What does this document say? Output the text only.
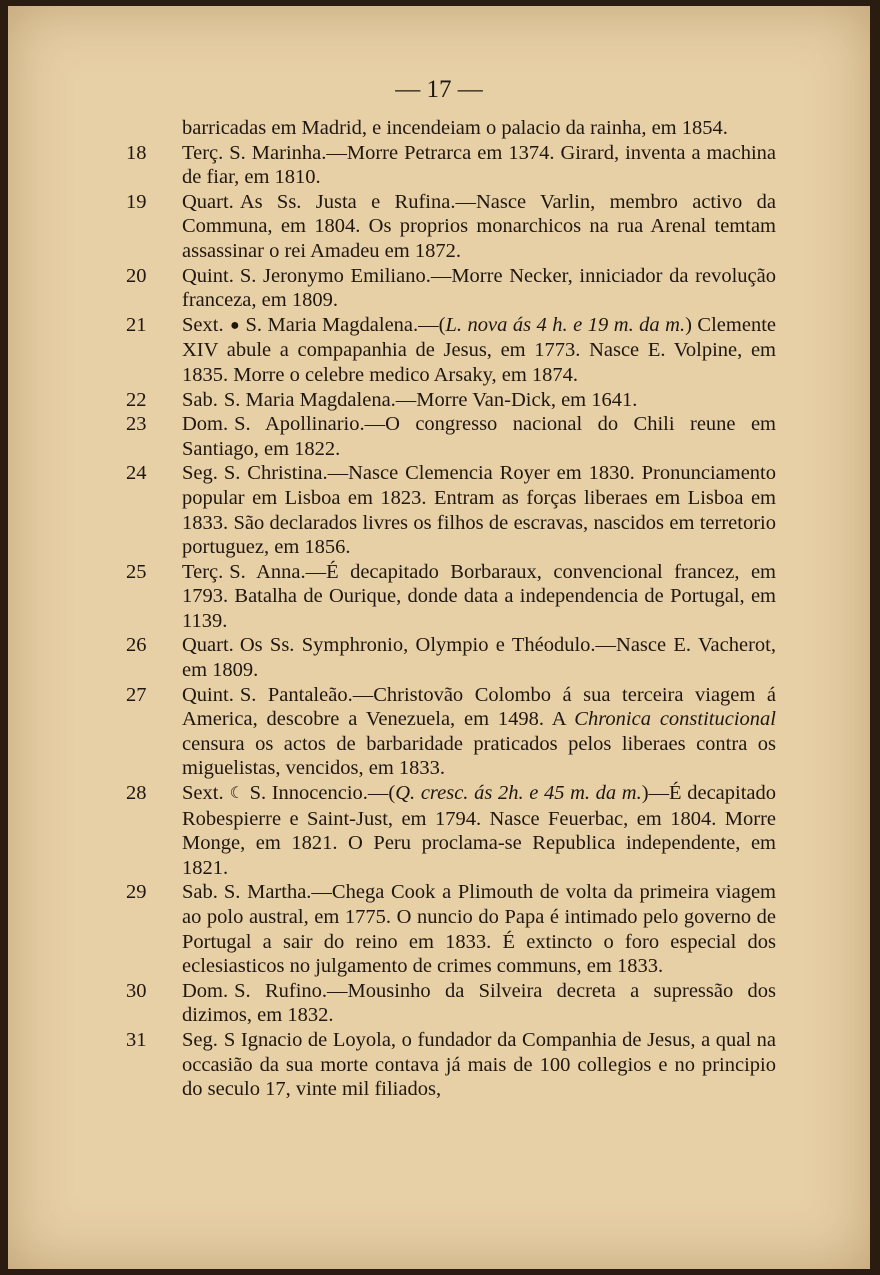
— 17 —
barricadas em Madrid, e incendeiam o palacio da rainha, em 1854.
18	Terç. S. Marinha.—Morre Petrarca em 1374. Girard, inventa a machina de fiar, em 1810.
19	Quart. As Ss. Justa e Rufina.—Nasce Varlin, membro activo da Communa, em 1804. Os proprios monarchicos na rua Arenal temtam assassinar o rei Amadeu em 1872.
20	Quint. S. Jeronymo Emiliano.—Morre Necker, inniciador da revolução franceza, em 1809.
21	Sext. ● S. Maria Magdalena.—(L. nova ás 4 h. e 19 m. da m.) Clemente XIV abule a compapanhia de Jesus, em 1773. Nasce E. Volpine, em 1835. Morre o celebre medico Arsaky, em 1874.
22	Sab. S. Maria Magdalena.—Morre Van-Dick, em 1641.
23	Dom. S. Apollinario.—O congresso nacional do Chili reune em Santiago, em 1822.
24	Seg. S. Christina.—Nasce Clemencia Royer em 1830. Pronunciamento popular em Lisboa em 1823. Entram as forças liberaes em Lisboa em 1833. São declarados livres os filhos de escravas, nascidos em terretorio portuguez, em 1856.
25	Terç. S. Anna.—É decapitado Borbaraux, convencional francez, em 1793. Batalha de Ourique, donde data a independencia de Portugal, em 1139.
26	Quart. Os Ss. Symphronio, Olympio e Théodulo.—Nasce E. Vacherot, em 1809.
27	Quint. S. Pantaleão.—Christovão Colombo á sua terceira viagem á America, descobre a Venezuela, em 1498. A Chronica constitucional censura os actos de barbaridade praticados pelos liberaes contra os miguelistas, vencidos, em 1833.
28	Sext. ☾ S. Innocencio.—(Q. cresc. ás 2h. e 45 m. da m.)—É decapitado Robespierre e Saint-Just, em 1794. Nasce Feuerbac, em 1804. Morre Monge, em 1821. O Peru proclama-se Republica independente, em 1821.
29	Sab. S. Martha.—Chega Cook a Plimouth de volta da primeira viagem ao polo austral, em 1775. O nuncio do Papa é intimado pelo governo de Portugal a sair do reino em 1833. É extincto o foro especial dos eclesiasticos no julgamento de crimes communs, em 1833.
30	Dom. S. Rufino.—Mousinho da Silveira decreta a supressão dos dizimos, em 1832.
31	Seg. S Ignacio de Loyola, o fundador da Companhia de Jesus, a qual na occasião da sua morte contava já mais de 100 collegios e no principio do seculo 17, vinte mil filiados,
